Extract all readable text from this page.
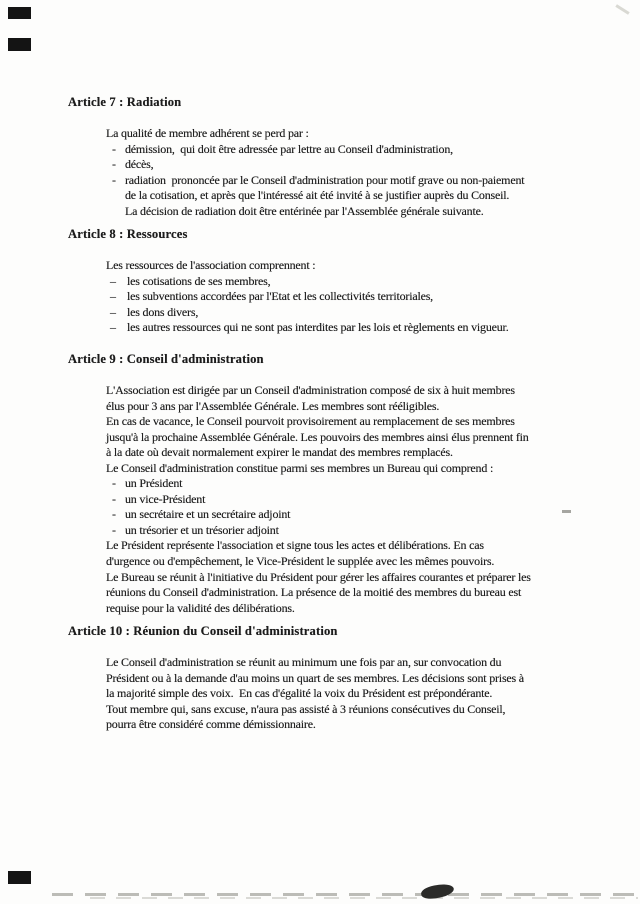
Article 7 : Radiation
La qualité de membre adhérent se perd par :
- démission,  qui doit être adressée par lettre au Conseil d'administration,
- décès,
- radiation  prononcée par le Conseil d'administration pour motif grave ou non-paiement
de la cotisation, et après que l'intéressé ait été invité à se justifier auprès du Conseil.
La décision de radiation doit être entérinée par l'Assemblée générale suivante.
Article 8 : Ressources
Les ressources de l'association comprennent :
– les cotisations de ses membres,
– les subventions accordées par l'Etat et les collectivités territoriales,
– les dons divers,
– les autres ressources qui ne sont pas interdites par les lois et règlements en vigueur.
Article 9 : Conseil d'administration
L'Association est dirigée par un Conseil d'administration composé de six à huit membres
élus pour 3 ans par l'Assemblée Générale. Les membres sont rééligibles.
En cas de vacance, le Conseil pourvoit provisoirement au remplacement de ses membres
jusqu'à la prochaine Assemblée Générale. Les pouvoirs des membres ainsi élus prennent fin
à la date où devait normalement expirer le mandat des membres remplacés.
Le Conseil d'administration constitue parmi ses membres un Bureau qui comprend :
- un Président
- un vice-Président
- un secrétaire et un secrétaire adjoint
- un trésorier et un trésorier adjoint
Le Président représente l'association et signe tous les actes et délibérations. En cas
d'urgence ou d'empêchement, le Vice-Président le supplée avec les mêmes pouvoirs.
Le Bureau se réunit à l'initiative du Président pour gérer les affaires courantes et préparer les
réunions du Conseil d'administration. La présence de la moitié des membres du bureau est
requise pour la validité des délibérations.
Article 10 : Réunion du Conseil d'administration
Le Conseil d'administration se réunit au minimum une fois par an, sur convocation du
Président ou à la demande d'au moins un quart de ses membres. Les décisions sont prises à
la majorité simple des voix.  En cas d'égalité la voix du Président est prépondérante.
Tout membre qui, sans excuse, n'aura pas assisté à 3 réunions consécutives du Conseil,
pourra être considéré comme démissionnaire.
